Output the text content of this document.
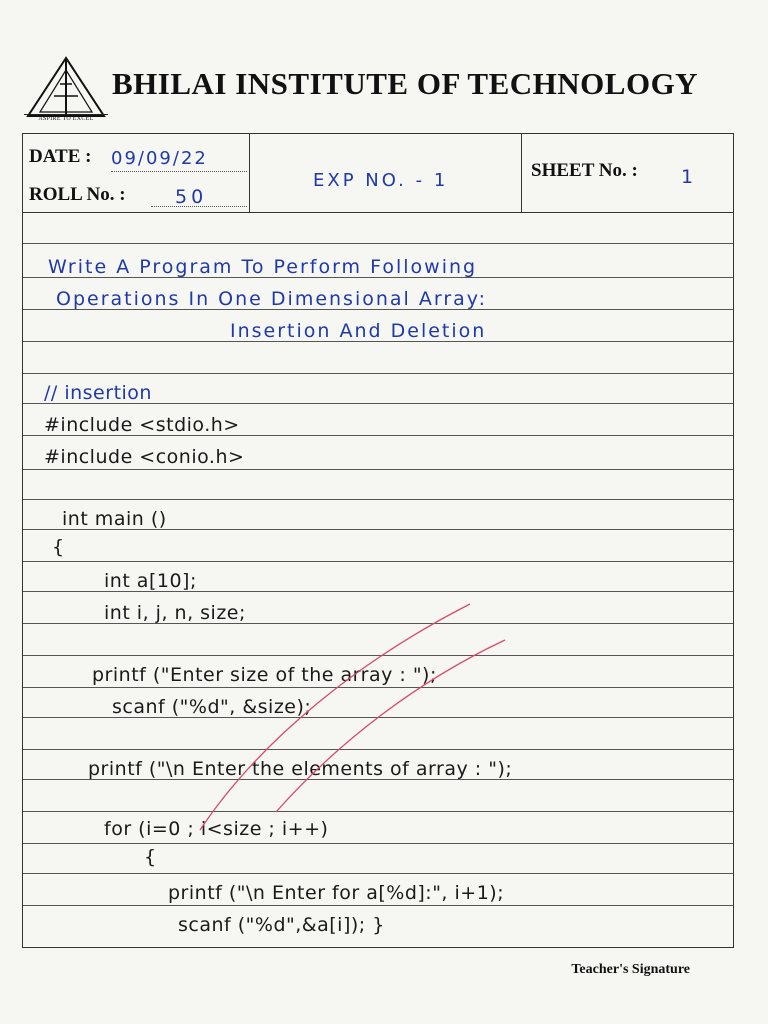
ASPIRE TO EXCEL
BHILAI INSTITUTE OF TECHNOLOGY
DATE : 09/09/22
ROLL No. :	50
EXP NO. - 1	SHEET No. : 1
Write A Program To Perform Following
Operations In One Dimensional Array:
Insertion And Deletion
// insertion
#include <stdio.h>
#include <conio.h>
int main ()
{
int a[10];
int i, j, n, size;
printf ("Enter size of the array : ");
scanf ("%d", &size);
printf ("\n Enter the elements of array : ");
for (i=0 ; i<size ; i++)
{
printf ("\n Enter for a[%d]:", i+1);
scanf ("%d",&a[i]); }
Teacher's Signature
